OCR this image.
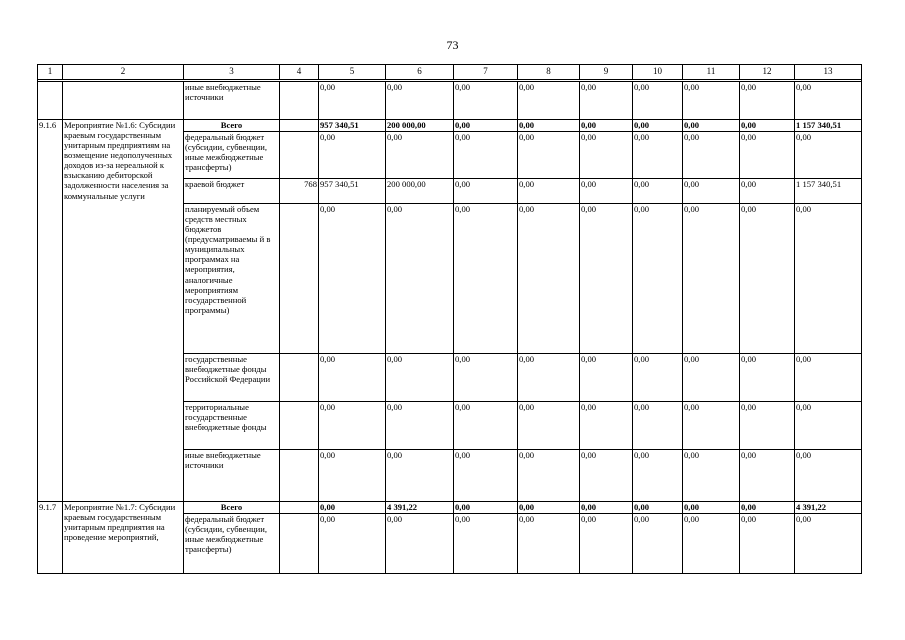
73
1	2	3	4	5	6	7	8	9	10	11	12	13

		иные внебюджетные источники		0,00	0,00	0,00	0,00	0,00	0,00	0,00	0,00	0,00
9.1.6	Мероприятие №1.6: Субсидии краевым государственным унитарным предприятиям на возмещение недополученных доходов из-за нереальной к взысканию дебиторской задолженности населения за коммунальные услуги	Всего		957 340,51	200 000,00	0,00	0,00	0,00	0,00	0,00	0,00	1 157 340,51
		федеральный бюджет (субсидии, субвенции, иные межбюджетные трансферты)		0,00	0,00	0,00	0,00	0,00	0,00	0,00	0,00	0,00
		краевой бюджет	768	957 340,51	200 000,00	0,00	0,00	0,00	0,00	0,00	0,00	1 157 340,51
		планируемый объем средств местных бюджетов (предусматриваемы й в муниципальных программах на мероприятия, аналогичные мероприятиям государственной программы)		0,00	0,00	0,00	0,00	0,00	0,00	0,00	0,00	0,00
		государственные внебюджетные фонды Российской Федерации		0,00	0,00	0,00	0,00	0,00	0,00	0,00	0,00	0,00
		территориальные государственные внебюджетные фонды		0,00	0,00	0,00	0,00	0,00	0,00	0,00	0,00	0,00
		иные внебюджетные источники		0,00	0,00	0,00	0,00	0,00	0,00	0,00	0,00	0,00
9.1.7	Мероприятие №1.7: Субсидии краевым государственным унитарным предприятия на проведение мероприятий,	Всего		0,00	4 391,22	0,00	0,00	0,00	0,00	0,00	0,00	4 391,22
		федеральный бюджет (субсидии, субвенции, иные межбюджетные трансферты)		0,00	0,00	0,00	0,00	0,00	0,00	0,00	0,00	0,00
